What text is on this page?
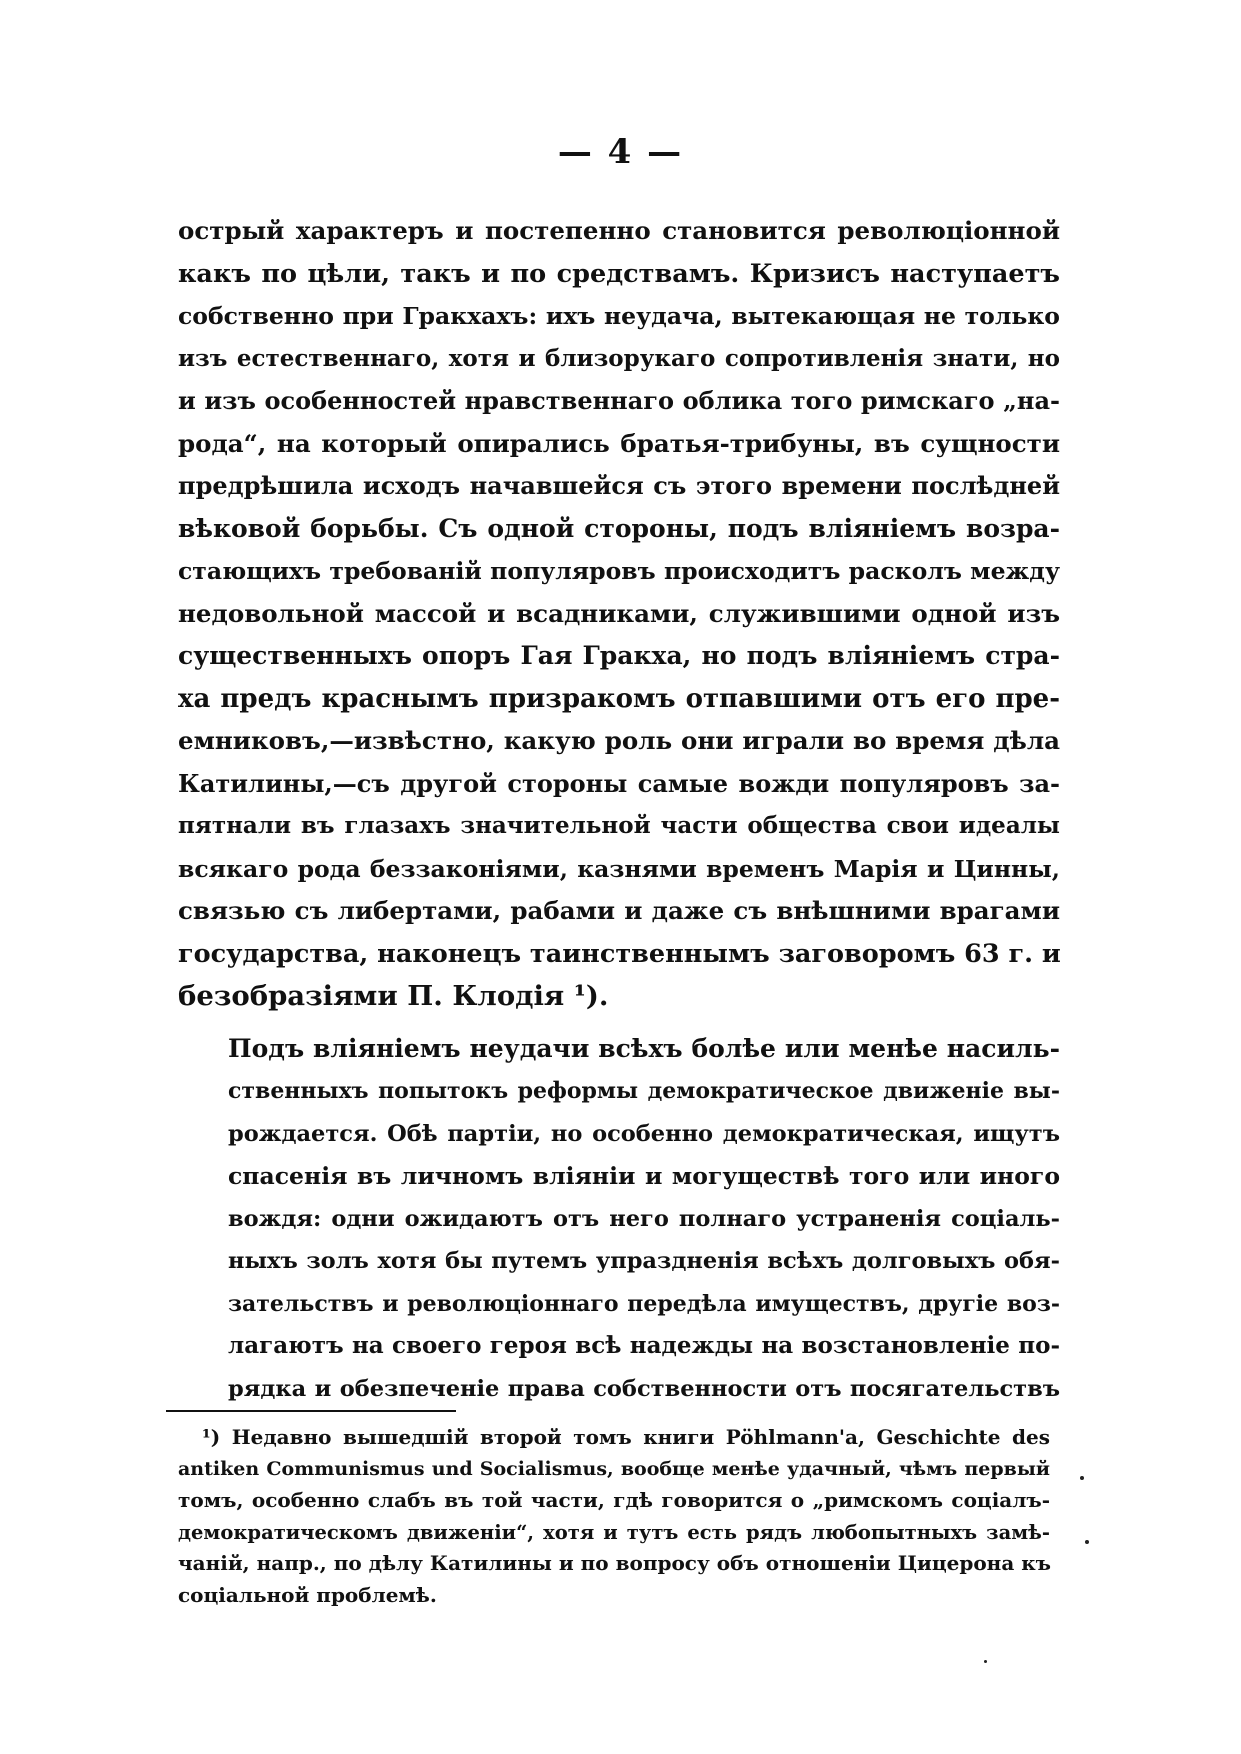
— 4 —

острый характеръ и постепенно становится революціонной
какъ по цѣли, такъ и по средствамъ. Кризисъ наступаетъ
собственно при Гракхахъ: ихъ неудача, вытекающая не только
изъ естественнаго, хотя и близорукаго сопротивленія знати, но
и изъ особенностей нравственнаго облика того римскаго „на-
рода“, на который опирались братья-трибуны, въ сущности
предрѣшила исходъ начавшейся съ этого времени послѣдней
вѣковой борьбы. Съ одной стороны, подъ вліяніемъ возра-
стающихъ требованій популяровъ происходитъ расколъ между
недовольной массой и всадниками, служившими одной изъ
существенныхъ опоръ Гая Гракха, но подъ вліяніемъ стра-
ха предъ краснымъ призракомъ отпавшими отъ его пре-
емниковъ,—извѣстно, какую роль они играли во время дѣла
Катилины,—съ другой стороны самые вожди популяровъ за-
пятнали въ глазахъ значительной части общества свои идеалы
всякаго рода беззаконіями, казнями временъ Марія и Цинны,
связью съ либертами, рабами и даже съ внѣшними врагами
государства, наконецъ таинственнымъ заговоромъ 63 г. и
безобразіями П. Клодія ¹).

Подъ вліяніемъ неудачи всѣхъ болѣе или менѣе насиль-
ственныхъ попытокъ реформы демократическое движеніе вы-
рождается. Обѣ партіи, но особенно демократическая, ищутъ
спасенія въ личномъ вліяніи и могуществѣ того или иного
вождя: одни ожидаютъ отъ него полнаго устраненія соціаль-
ныхъ золъ хотя бы путемъ упраздненія всѣхъ долговыхъ обя-
зательствъ и революціоннаго передѣла имуществъ, другіе воз-
лагаютъ на своего героя всѣ надежды на возстановленіе по-
рядка и обезпеченіе права собственности отъ посягательствъ

¹) Недавно вышедшій второй томъ книги Pöhlmann'a, Geschichte des
antiken Communismus und Socialismus, вообще менѣе удачный, чѣмъ первый
томъ, особенно слабъ въ той части, гдѣ говорится о „римскомъ соціалъ-
демократическомъ движеніи“, хотя и тутъ есть рядъ любопытныхъ замѣ-
чаній, напр., по дѣлу Катилины и по вопросу объ отношеніи Цицерона къ
соціальной проблемѣ.
